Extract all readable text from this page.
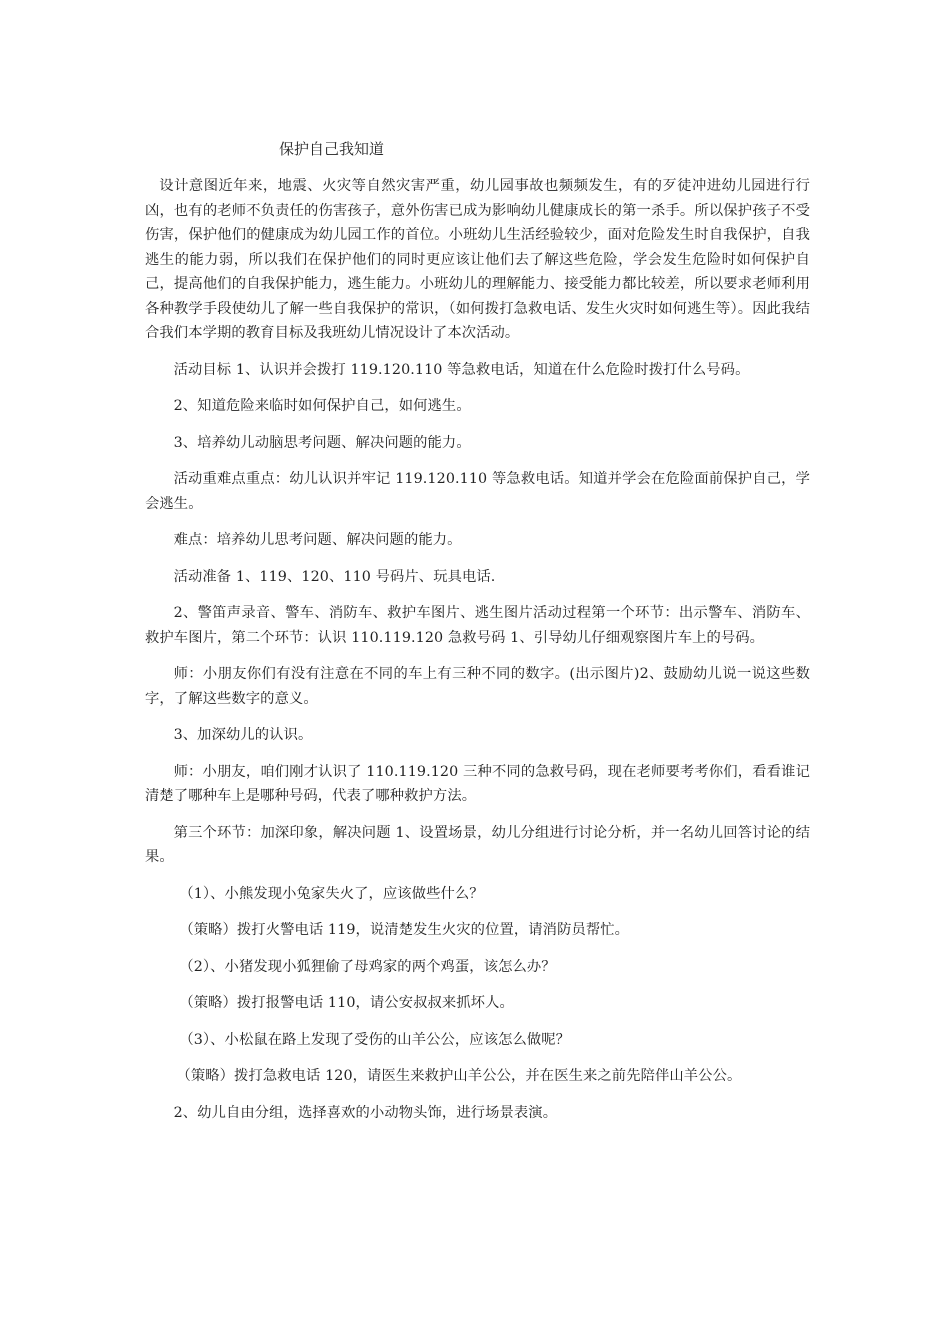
保护自己我知道

设计意图近年来，地震、火灾等自然灾害严重，幼儿园事故也频频发生，有的歹徒冲进幼儿园进行行凶，也有的老师不负责任的伤害孩子，意外伤害已成为影响幼儿健康成长的第一杀手。所以保护孩子不受伤害，保护他们的健康成为幼儿园工作的首位。小班幼儿生活经验较少，面对危险发生时自我保护，自我逃生的能力弱，所以我们在保护他们的同时更应该让他们去了解这些危险，学会发生危险时如何保护自己，提高他们的自我保护能力，逃生能力。小班幼儿的理解能力、接受能力都比较差，所以要求老师利用各种教学手段使幼儿了解一些自我保护的常识，（如何拨打急救电话、发生火灾时如何逃生等）。因此我结合我们本学期的教育目标及我班幼儿情况设计了本次活动。

活动目标 1、认识并会拨打 119.120.110 等急救电话，知道在什么危险时拨打什么号码。

2、知道危险来临时如何保护自己，如何逃生。

3、培养幼儿动脑思考问题、解决问题的能力。

活动重难点重点：幼儿认识并牢记 119.120.110 等急救电话。知道并学会在危险面前保护自己，学会逃生。

难点：培养幼儿思考问题、解决问题的能力。

活动准备 1、119、120、110 号码片、玩具电话.

2、警笛声录音、警车、消防车、救护车图片、逃生图片活动过程第一个环节：出示警车、消防车、救护车图片，第二个环节：认识 110.119.120 急救号码 1、引导幼儿仔细观察图片车上的号码。

师：小朋友你们有没有注意在不同的车上有三种不同的数字。(出示图片)2、鼓励幼儿说一说这些数字，了解这些数字的意义。

3、加深幼儿的认识。

师：小朋友，咱们刚才认识了 110.119.120 三种不同的急救号码，现在老师要考考你们，看看谁记清楚了哪种车上是哪种号码，代表了哪种救护方法。

第三个环节：加深印象，解决问题 1、设置场景，幼儿分组进行讨论分析，并一名幼儿回答讨论的结果。

（1）、小熊发现小兔家失火了，应该做些什么？

（策略）拨打火警电话 119，说清楚发生火灾的位置，请消防员帮忙。

（2）、小猪发现小狐狸偷了母鸡家的两个鸡蛋，该怎么办？

（策略）拨打报警电话 110，请公安叔叔来抓坏人。

（3）、小松鼠在路上发现了受伤的山羊公公，应该怎么做呢？

（策略）拨打急救电话 120，请医生来救护山羊公公，并在医生来之前先陪伴山羊公公。

2、幼儿自由分组，选择喜欢的小动物头饰，进行场景表演。
